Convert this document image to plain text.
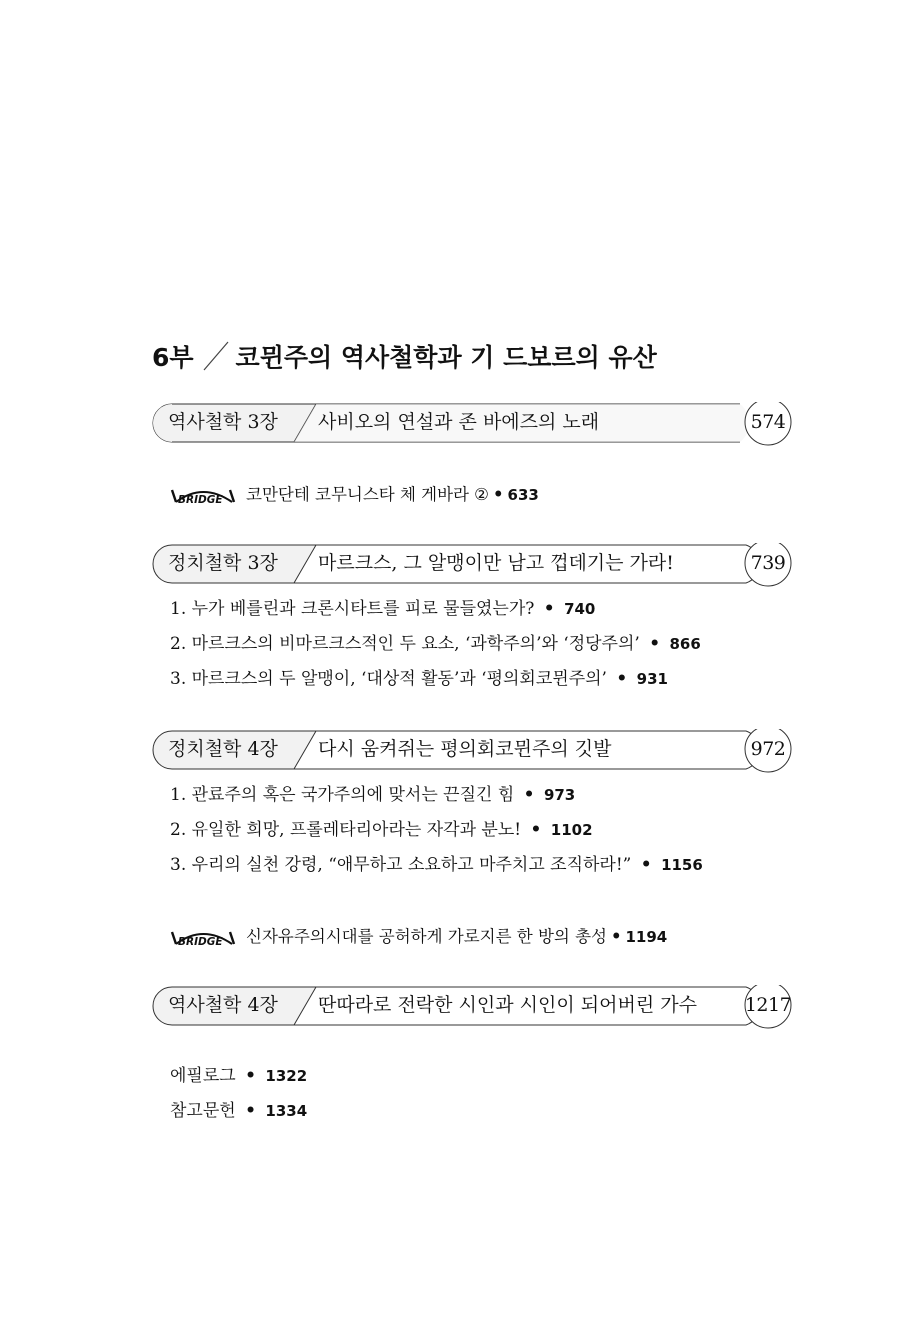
6부 코뮌주의 역사철학과 기 드보르의 유산
역사철학 3장 사비오의 연설과 존 바에즈의 노래	574
BRIDGE 코만단테 코무니스타 체 게바라 ② • 633
정치철학 3장 마르크스, 그 알맹이만 남고 껍데기는 가라!	739
1. 누가 베를린과 크론시타트를 피로 물들였는가? • 740
2. 마르크스의 비마르크스적인 두 요소, ‘과학주의’와 ‘정당주의’ • 866
3. 마르크스의 두 알맹이, ‘대상적 활동’과 ‘평의회코뮌주의’ • 931
정치철학 4장 다시 움켜쥐는 평의회코뮌주의 깃발	972
1. 관료주의 혹은 국가주의에 맞서는 끈질긴 힘 • 973
2. 유일한 희망, 프롤레타리아라는 자각과 분노! • 1102
3. 우리의 실천 강령, “애무하고 소요하고 마주치고 조직하라!” • 1156
BRIDGE 신자유주의시대를 공허하게 가로지른 한 방의 총성 • 1194
역사철학 4장 딴따라로 전락한 시인과 시인이 되어버린 가수	1217
에필로그 • 1322
참고문헌 • 1334
